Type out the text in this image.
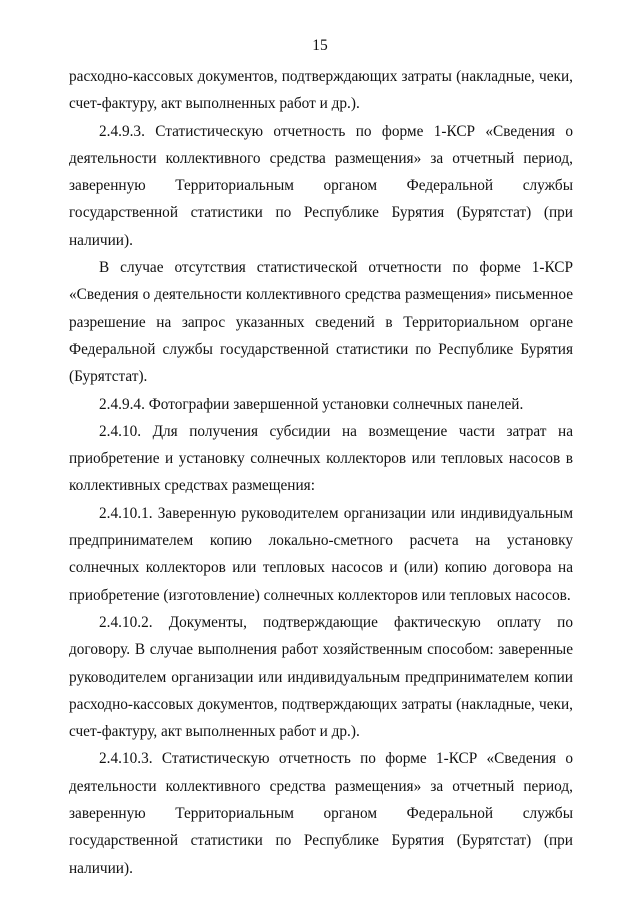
15

расходно-кассовых документов, подтверждающих затраты (накладные, чеки, счет-фактуру, акт выполненных работ и др.).

2.4.9.3. Статистическую отчетность по форме 1-КСР «Сведения о деятельности коллективного средства размещения» за отчетный период, заверенную Территориальным органом Федеральной службы государственной статистики по Республике Бурятия (Бурятстат) (при наличии).

В случае отсутствия статистической отчетности по форме 1-КСР «Сведения о деятельности коллективного средства размещения» письменное разрешение на запрос указанных сведений в Территориальном органе Федеральной службы государственной статистики по Республике Бурятия (Бурятстат).

2.4.9.4. Фотографии завершенной установки солнечных панелей.

2.4.10. Для получения субсидии на возмещение части затрат на приобретение и установку солнечных коллекторов или тепловых насосов в коллективных средствах размещения:

2.4.10.1. Заверенную руководителем организации или индивидуальным предпринимателем копию локально-сметного расчета на установку солнечных коллекторов или тепловых насосов и (или) копию договора на приобретение (изготовление) солнечных коллекторов или тепловых насосов.

2.4.10.2. Документы, подтверждающие фактическую оплату по договору. В случае выполнения работ хозяйственным способом: заверенные руководителем организации или индивидуальным предпринимателем копии расходно-кассовых документов, подтверждающих затраты (накладные, чеки, счет-фактуру, акт выполненных работ и др.).

2.4.10.3. Статистическую отчетность по форме 1-КСР «Сведения о деятельности коллективного средства размещения» за отчетный период, заверенную Территориальным органом Федеральной службы государственной статистики по Республике Бурятия (Бурятстат) (при наличии).
